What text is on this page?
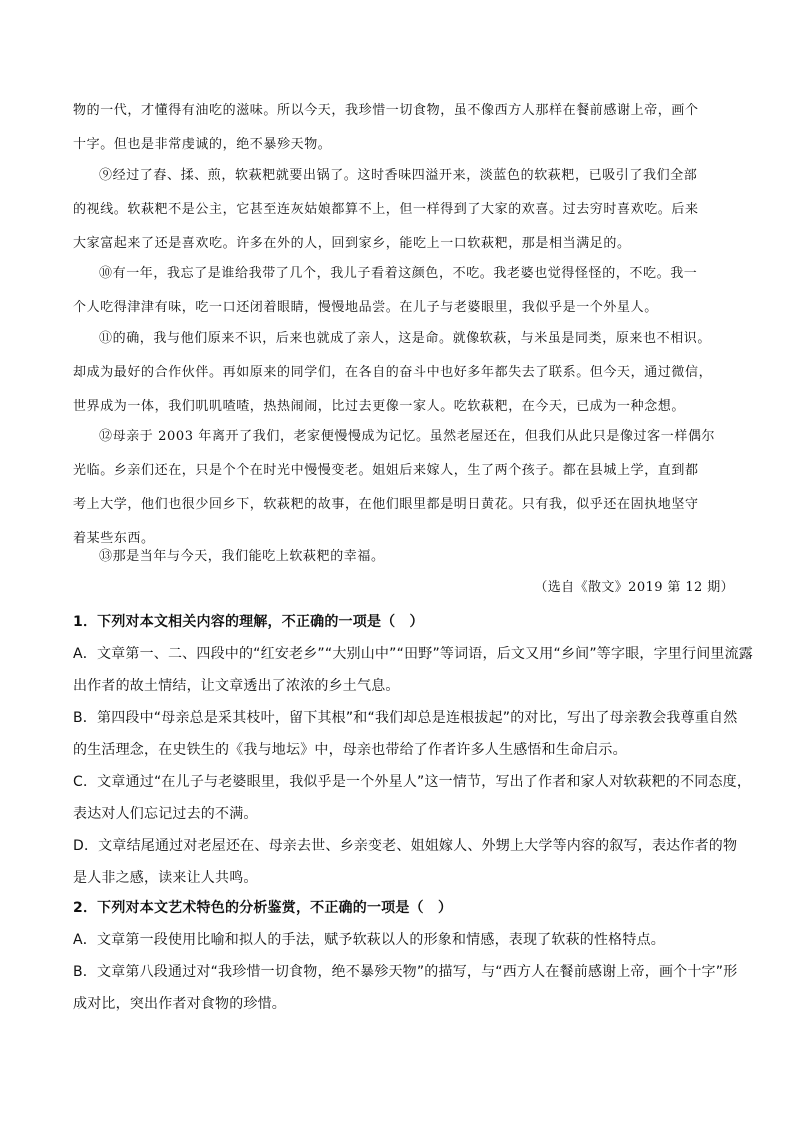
物的一代，才懂得有油吃的滋味。所以今天，我珍惜一切食物，虽不像西方人那样在餐前感谢上帝，画个
十字。但也是非常虔诚的，绝不暴殄天物。
⑨经过了舂、揉、煎，软萩粑就要出锅了。这时香味四溢开来，淡蓝色的软萩粑，已吸引了我们全部
的视线。软萩粑不是公主，它甚至连灰姑娘都算不上，但一样得到了大家的欢喜。过去穷时喜欢吃。后来
大家富起来了还是喜欢吃。许多在外的人，回到家乡，能吃上一口软萩粑，那是相当满足的。
⑩有一年，我忘了是谁给我带了几个，我儿子看着这颜色，不吃。我老婆也觉得怪怪的，不吃。我一
个人吃得津津有味，吃一口还闭着眼睛，慢慢地品尝。在儿子与老婆眼里，我似乎是一个外星人。
⑪的确，我与他们原来不识，后来也就成了亲人，这是命。就像软萩，与米虽是同类，原来也不相识。
却成为最好的合作伙伴。再如原来的同学们，在各自的奋斗中也好多年都失去了联系。但今天，通过微信，
世界成为一体，我们叽叽喳喳，热热闹闹，比过去更像一家人。吃软萩粑，在今天，已成为一种念想。
⑫母亲于 2003 年离开了我们，老家便慢慢成为记忆。虽然老屋还在，但我们从此只是像过客一样偶尔
光临。乡亲们还在，只是个个在时光中慢慢变老。姐姐后来嫁人，生了两个孩子。都在县城上学，直到都
考上大学，他们也很少回乡下，软萩粑的故事，在他们眼里都是明日黄花。只有我，似乎还在固执地坚守
着某些东西。
⑬那是当年与今天，我们能吃上软萩粑的幸福。
（选自《散文》2019 第 12 期）
1．下列对本文相关内容的理解，不正确的一项是（　）
A．文章第一、二、四段中的“红安老乡”“大别山中”“田野”等词语，后文又用“乡间”等字眼，字里行间里流露
出作者的故土情结，让文章透出了浓浓的乡土气息。
B．第四段中“母亲总是采其枝叶，留下其根”和“我们却总是连根拔起”的对比，写出了母亲教会我尊重自然
的生活理念，在史铁生的《我与地坛》中，母亲也带给了作者许多人生感悟和生命启示。
C．文章通过“在儿子与老婆眼里，我似乎是一个外星人”这一情节，写出了作者和家人对软萩粑的不同态度，
表达对人们忘记过去的不满。
D．文章结尾通过对老屋还在、母亲去世、乡亲变老、姐姐嫁人、外甥上大学等内容的叙写，表达作者的物
是人非之感，读来让人共鸣。
2．下列对本文艺术特色的分析鉴赏，不正确的一项是（　）
A．文章第一段使用比喻和拟人的手法，赋予软萩以人的形象和情感，表现了软萩的性格特点。
B．文章第八段通过对“我珍惜一切食物，绝不暴殄天物”的描写，与“西方人在餐前感谢上帝，画个十字”形
成对比，突出作者对食物的珍惜。
